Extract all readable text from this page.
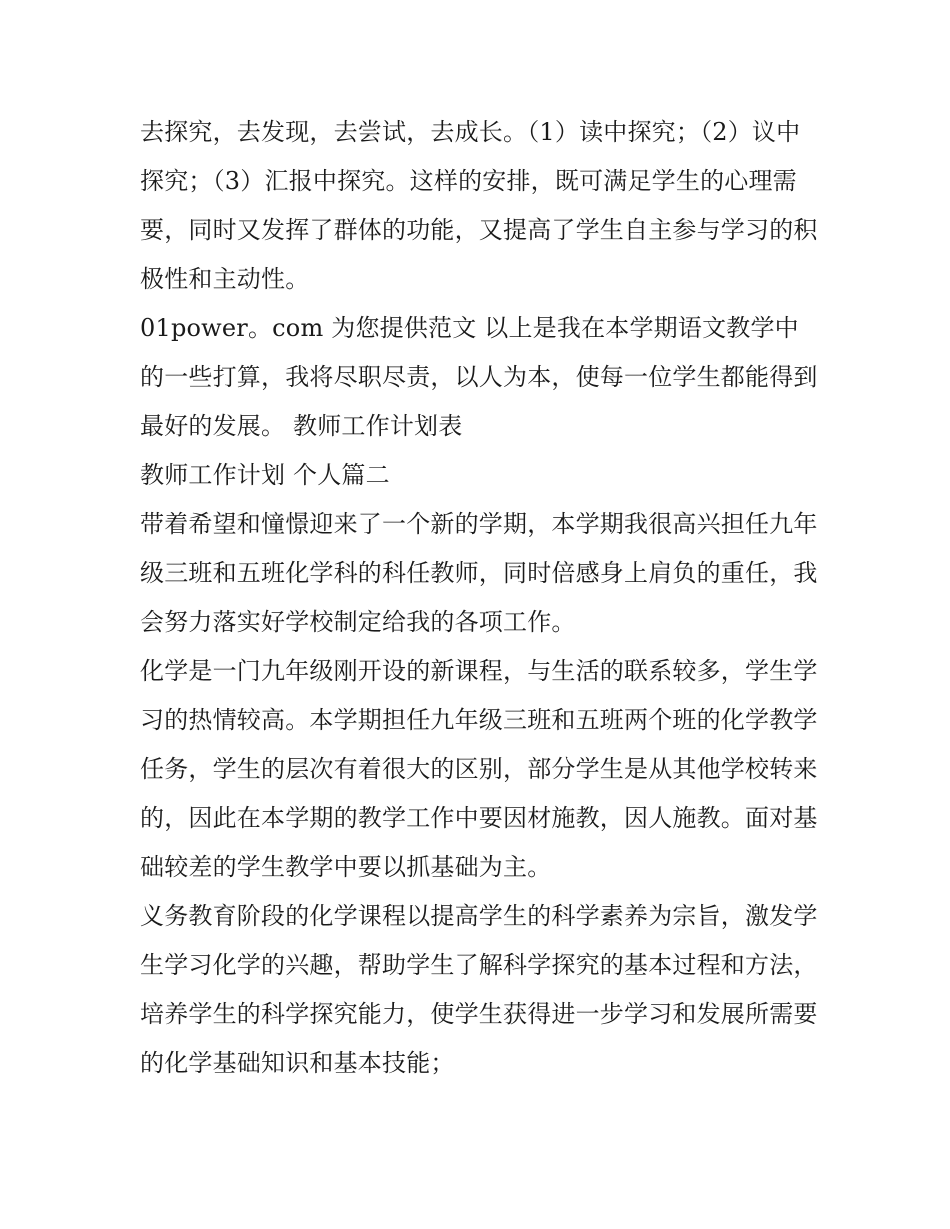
去探究，去发现，去尝试，去成长。（1）读中探究；（2）议中探究；（3）汇报中探究。这样的安排，既可满足学生的心理需要，同时又发挥了群体的功能，又提高了学生自主参与学习的积极性和主动性。

01power。com 为您提供范文 以上是我在本学期语文教学中的一些打算，我将尽职尽责，以人为本，使每一位学生都能得到最好的发展。 教师工作计划表

教师工作计划 个人篇二

带着希望和憧憬迎来了一个新的学期，本学期我很高兴担任九年级三班和五班化学科的科任教师，同时倍感身上肩负的重任，我会努力落实好学校制定给我的各项工作。

化学是一门九年级刚开设的新课程，与生活的联系较多，学生学习的热情较高。本学期担任九年级三班和五班两个班的化学教学任务，学生的层次有着很大的区别，部分学生是从其他学校转来的，因此在本学期的教学工作中要因材施教，因人施教。面对基础较差的学生教学中要以抓基础为主。

义务教育阶段的化学课程以提高学生的科学素养为宗旨，激发学生学习化学的兴趣，帮助学生了解科学探究的基本过程和方法，培养学生的科学探究能力，使学生获得进一步学习和发展所需要的化学基础知识和基本技能；
